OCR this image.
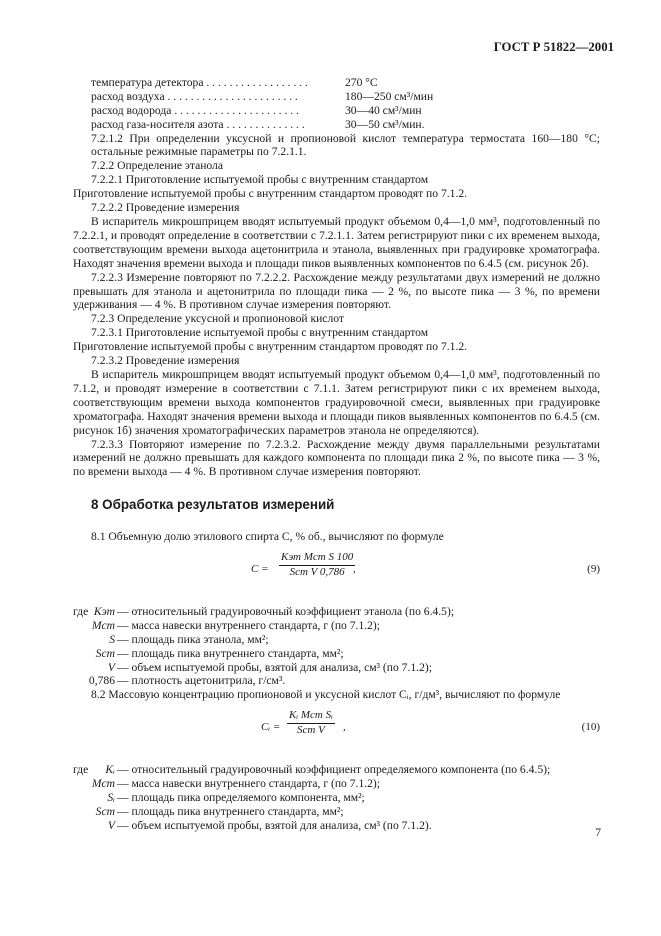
ГОСТ Р 51822—2001
температура детектора . . . . . . . . . . . . . . . . . .	270 °С
расход воздуха . . . . . . . . . . . . . . . . . . . . . . .	180—250 см³/мин
расход водорода . . . . . . . . . . . . . . . . . . . . . .	30—40 см³/мин
расход газа-носителя азота . . . . . . . . . . . . . .	30—50 см³/мин.

7.2.1.2 При определении уксусной и пропионовой кислот температура термостата 160—180 °С; остальные режимные параметры по 7.2.1.1.

7.2.2 Определение этанола

7.2.2.1 Приготовление испытуемой пробы с внутренним стандартом

Приготовление испытуемой пробы с внутренним стандартом проводят по 7.1.2.

7.2.2.2 Проведение измерения

В испаритель микрошприцем вводят испытуемый продукт объемом 0,4—1,0 мм³, подготовленный по 7.2.2.1, и проводят определение в соответствии с 7.2.1.1. Затем регистрируют пики с их временем выхода, соответствующим времени выхода ацетонитрила и этанола, выявленных при градуировке хроматографа. Находят значения времени выхода и площади пиков выявленных компонентов по 6.4.5 (см. рисунок 2б).

7.2.2.3 Измерение повторяют по 7.2.2.2. Расхождение между результатами двух измерений не должно превышать для этанола и ацетонитрила по площади пика — 2 %, по высоте пика — 3 %, по времени удерживания — 4 %. В противном случае измерения повторяют.

7.2.3 Определение уксусной и пропионовой кислот

7.2.3.1 Приготовление испытуемой пробы с внутренним стандартом

Приготовление испытуемой пробы с внутренним стандартом проводят по 7.1.2.

7.2.3.2 Проведение измерения

В испаритель микрошприцем вводят испытуемый продукт объемом 0,4—1,0 мм³, подготовленный по 7.1.2, и проводят измерение в соответствии с 7.1.1. Затем регистрируют пики с их временем выхода, соответствующим времени выхода компонентов градуировочной смеси, выявленных при градуировке хроматографа. Находят значения времени выхода и площади пиков выявленных компонентов по 6.4.5 (см. рисунок 1б) значения хроматографических параметров этанола не определяются).

7.2.3.3 Повторяют измерение по 7.2.3.2. Расхождение между двумя параллельными результатами измерений не должно превышать для каждого компонента по площади пика 2 %, по высоте пика — 3 %, по времени выхода — 4 %. В противном случае измерения повторяют.

8 Обработка результатов измерений

8.1 Объемную долю этилового спирта С, % об., вычисляют по формуле

C =
Kэт Mст S 100
Sст V 0,786 ,	(9)
где Kэт — относительный градуировочный коэффициент этанола (по 6.4.5);
Mст — масса навески внутреннего стандарта, г (по 7.1.2);
S — площадь пика этанола, мм²;
Sст — площадь пика внутреннего стандарта, мм²;
V — объем испытуемой пробы, взятой для анализа, см³ (по 7.1.2);
0,786 — плотность ацетонитрила, г/см³.

8.2 Массовую концентрацию пропионовой и уксусной кислот Сᵢ, г/дм³, вычисляют по формуле

Cᵢ =
Kᵢ Mст Sᵢ
Sст V	,	(10)
где Kᵢ — относительный градуировочный коэффициент определяемого компонента (по 6.4.5);
Mст — масса навески внутреннего стандарта, г (по 7.1.2);
Sᵢ — площадь пика определяемого компонента, мм²;
Sст — площадь пика внутреннего стандарта, мм²;
V — объем испытуемой пробы, взятой для анализа, см³ (по 7.1.2).
7
